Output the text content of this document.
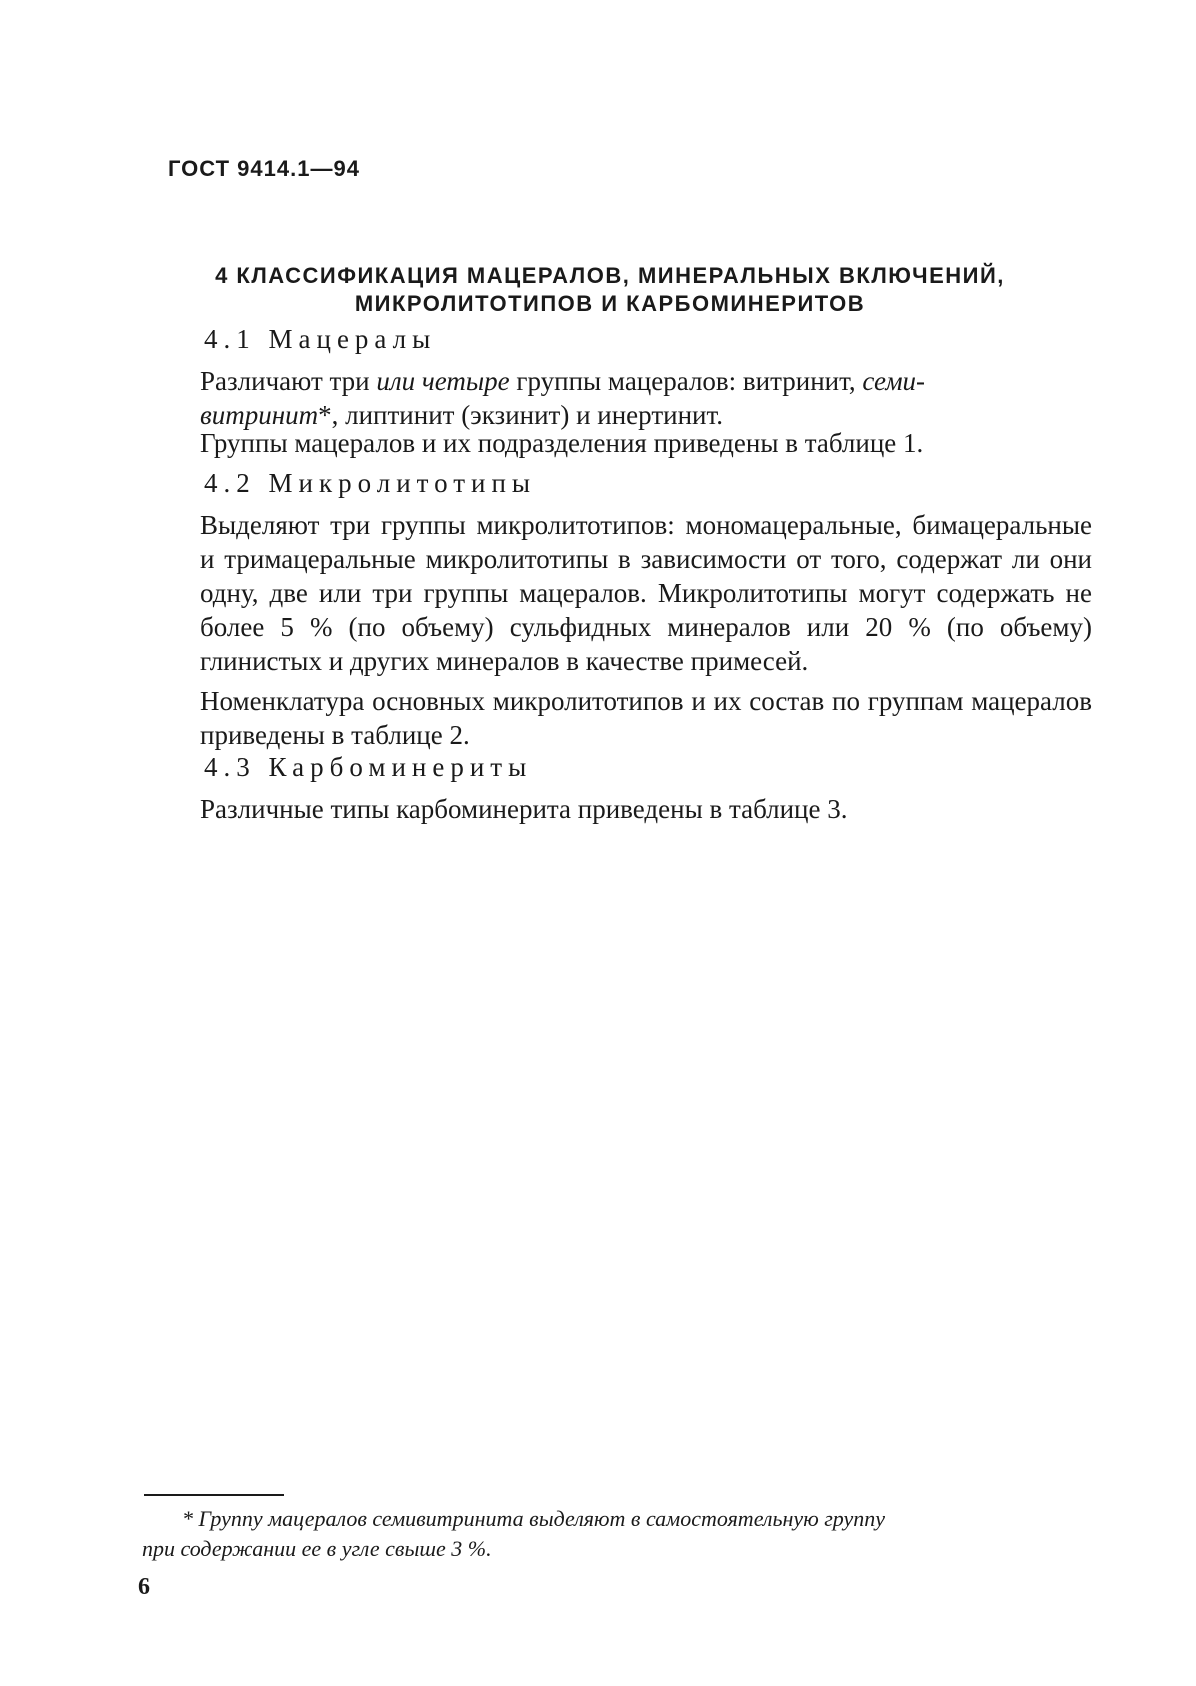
ГОСТ 9414.1—94
4 КЛАССИФИКАЦИЯ МАЦЕРАЛОВ, МИНЕРАЛЬНЫХ ВКЛЮЧЕНИЙ,
МИКРОЛИТОТИПОВ И КАРБОМИНЕРИТОВ
4.1 Мацералы
Различают три или четыре группы мацералов: витринит, семи-
витринит*, липтинит (экзинит) и инертинит.
Группы мацералов и их подразделения приведены в таблице 1.
4.2 Микролитотипы
Выделяют три группы микролитотипов: мономацеральные, бимацеральные и тримацеральные микролитотипы в зависимости от того, содержат ли они одну, две или три группы мацералов. Микролитотипы могут содержать не более 5 % (по объему) сульфидных минералов или 20 % (по объему) глинистых и других минералов в качестве примесей.
Номенклатура основных микролитотипов и их состав по группам мацералов приведены в таблице 2.
4.3 Карбоминериты
Различные типы карбоминерита приведены в таблице 3.
* Группу мацералов семивитринита выделяют в самостоятельную группу
при содержании ее в угле свыше 3 %.
6
